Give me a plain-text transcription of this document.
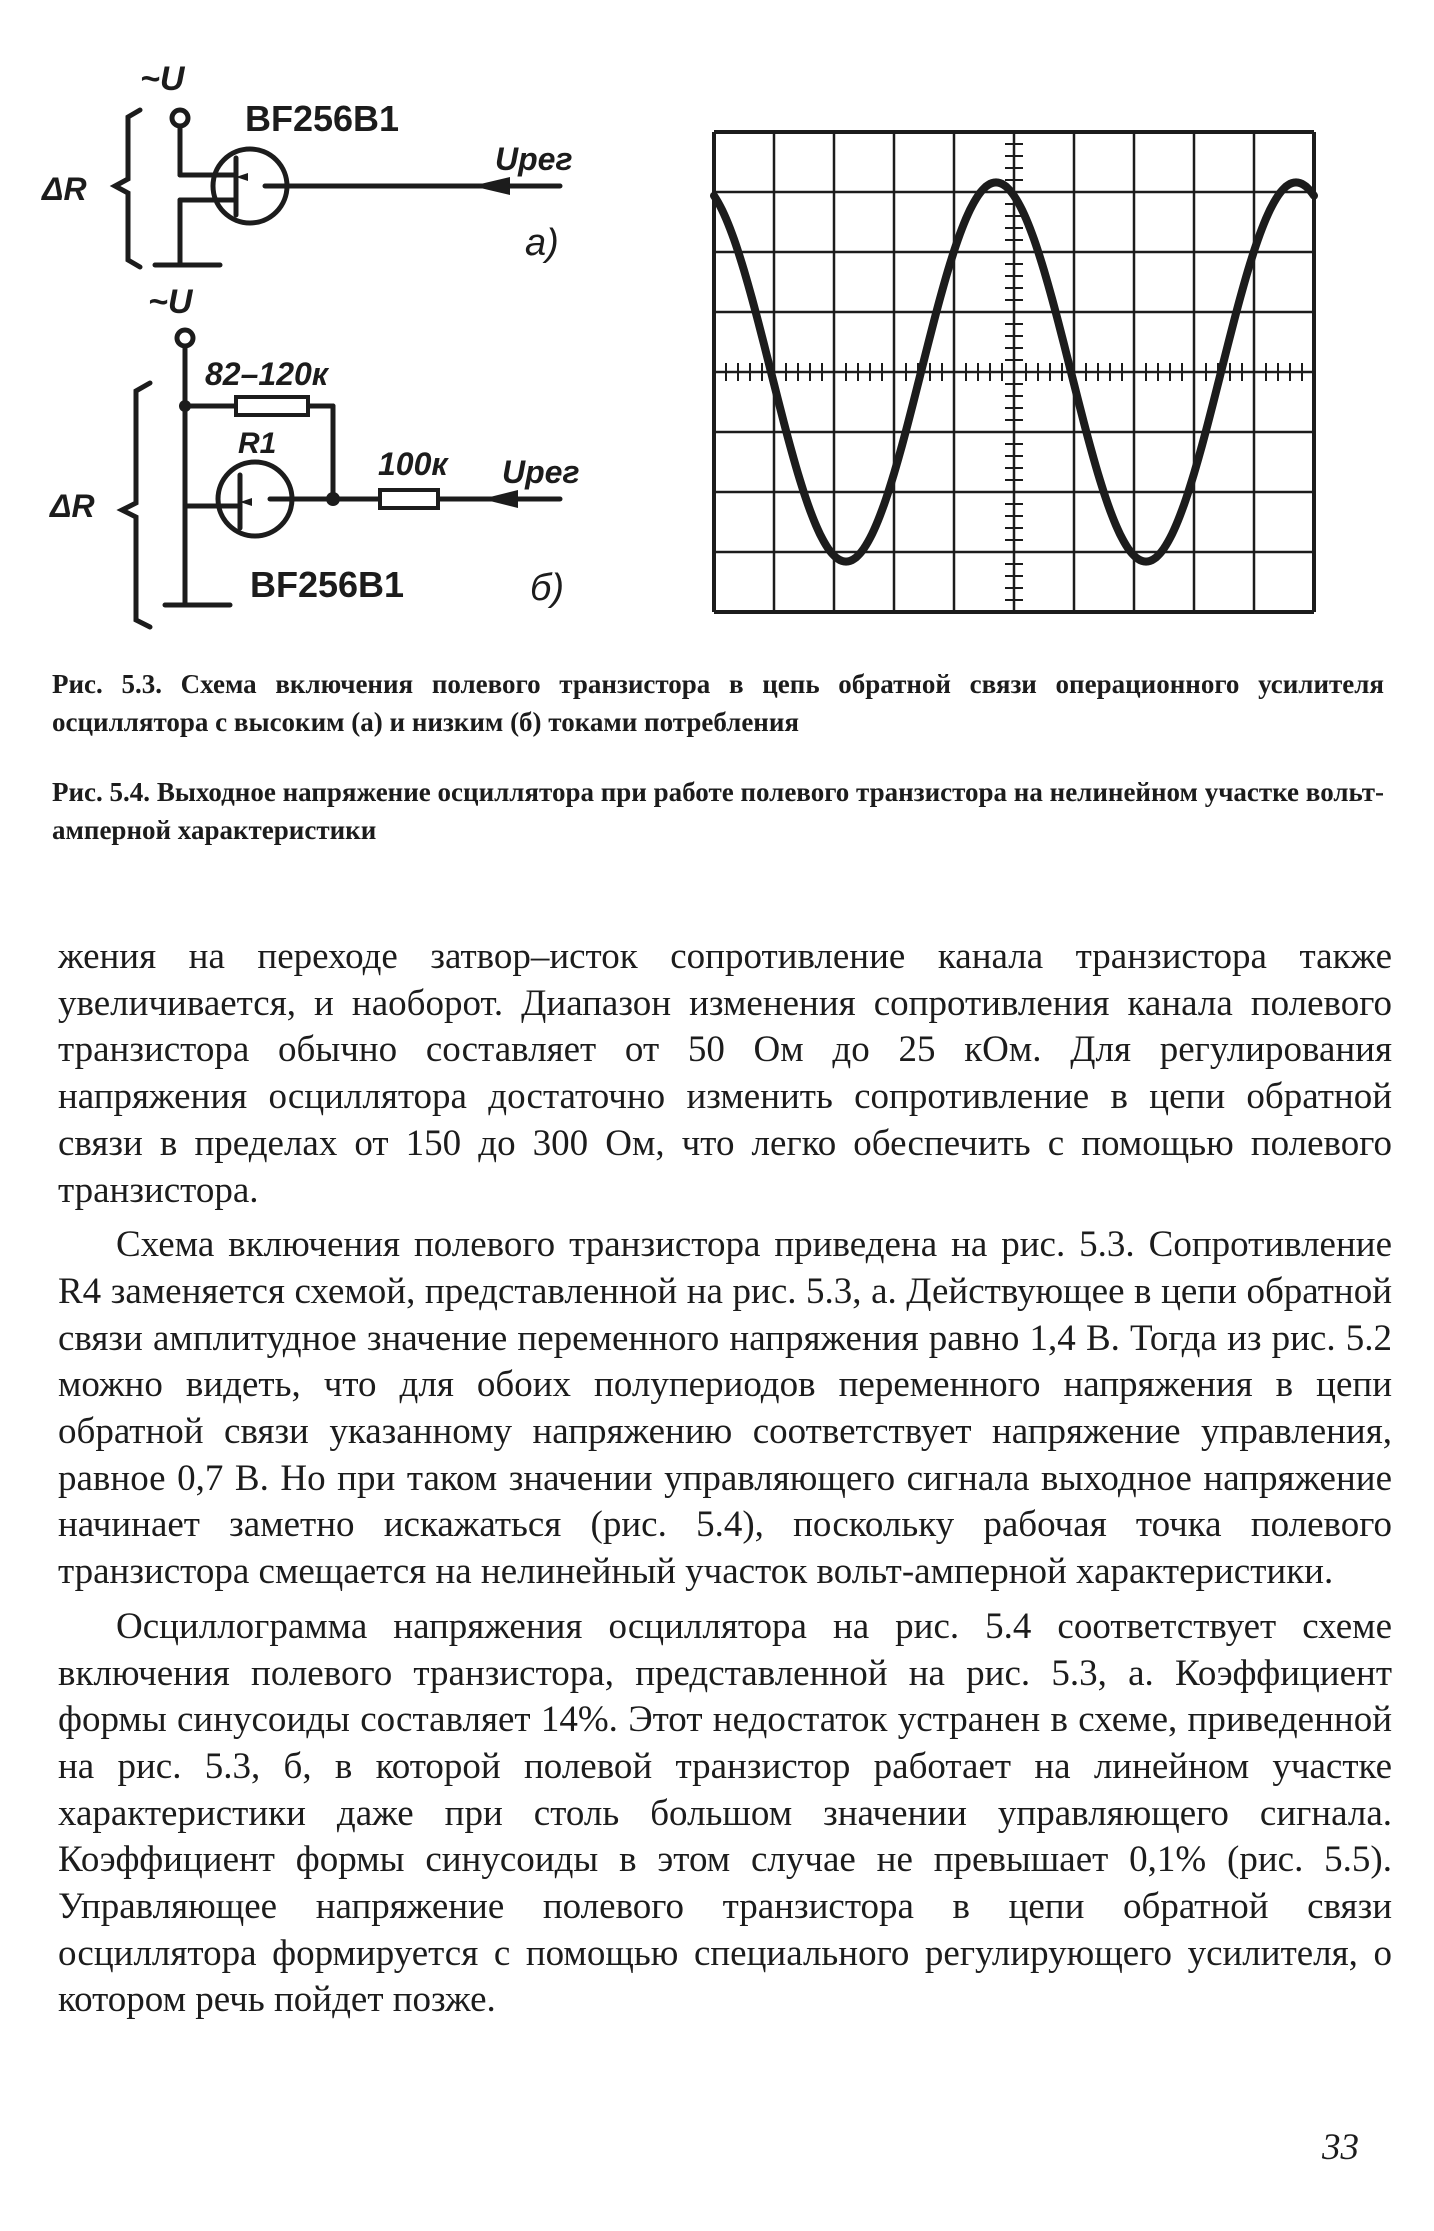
~U
BF256B1
ΔR
Uрег
a)
~U
82–120к
R1
100к Uрег
ΔR
BF256B1	б)
Рис. 5.3. Схема включения полевого транзистора в цепь обратной связи операционного усилителя осциллятора с высоким (а) и низким (б) токами потребления
Рис. 5.4. Выходное напряжение осциллятора при работе полевого транзистора на нелинейном участке вольт-амперной характеристики

жения на переходе затвор–исток сопротивление канала транзистора также увеличивается, и наоборот. Диапазон изменения сопротивления канала полевого транзистора обычно составляет от 50 Ом до 25 кОм. Для регулирования напряжения осциллятора достаточно изменить сопротивление в цепи обратной связи в пределах от 150 до 300 Ом, что легко обеспечить с помощью полевого транзистора.

Схема включения полевого транзистора приведена на рис. 5.3. Сопротивление R4 заменяется схемой, представленной на рис. 5.3, а. Действующее в цепи обратной связи амплитудное значение переменного напряжения равно 1,4 В. Тогда из рис. 5.2 можно видеть, что для обоих полупериодов переменного напряжения в цепи обратной связи указанному напряжению соответствует напряжение управления, равное 0,7 В. Но при таком значении управляющего сигнала выходное напряжение начинает заметно искажаться (рис. 5.4), поскольку рабочая точка полевого транзистора смещается на нелинейный участок вольт-амперной характеристики.

Осциллограмма напряжения осциллятора на рис. 5.4 соответствует схеме включения полевого транзистора, представленной на рис. 5.3, а. Коэффициент формы синусоиды составляет 14%. Этот недостаток устранен в схеме, приведенной на рис. 5.3, б, в которой полевой транзистор работает на линейном участке характеристики даже при столь большом значении управляющего сигнала. Коэффициент формы синусоиды в этом случае не превышает 0,1% (рис. 5.5). Управляющее напряжение полевого транзистора в цепи обратной связи осциллятора формируется с помощью специального регулирующего усилителя, о котором речь пойдет позже.

33
